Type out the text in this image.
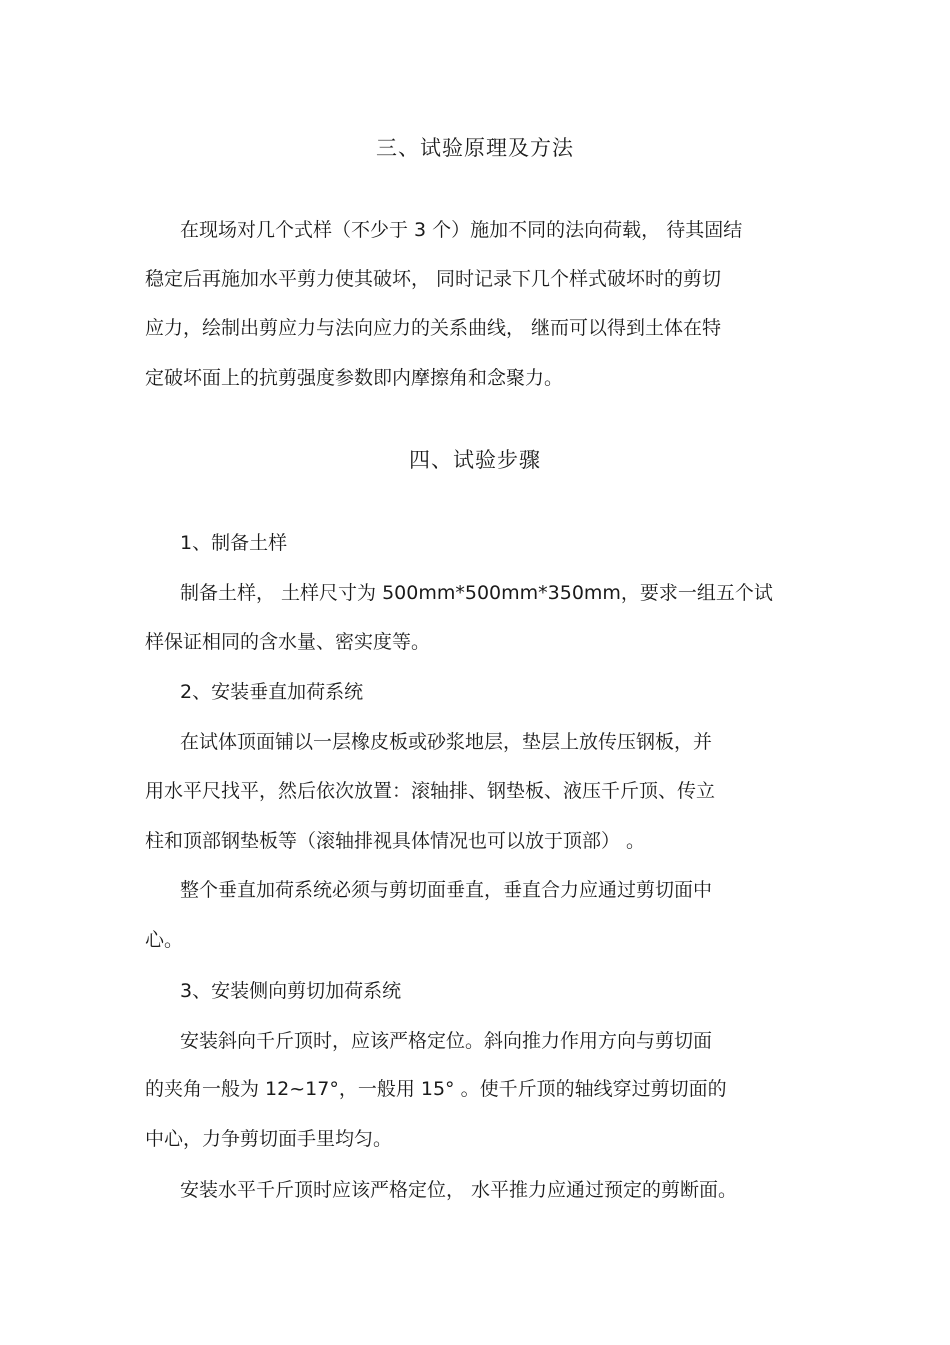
三、试验原理及方法
在现场对几个式样（不少于 3 个）施加不同的法向荷载， 待其固结
稳定后再施加水平剪力使其破坏， 同时记录下几个样式破坏时的剪切
应力，绘制出剪应力与法向应力的关系曲线， 继而可以得到土体在特
定破坏面上的抗剪强度参数即内摩擦角和念聚力。
四、试验步骤
1、制备土样
制备土样， 土样尺寸为 500mm*500mm*350mm，要求一组五个试
样保证相同的含水量、密实度等。
2、安装垂直加荷系统
在试体顶面铺以一层橡皮板或砂浆地层，垫层上放传压钢板，并
用水平尺找平，然后依次放置：滚轴排、钢垫板、液压千斤顶、传立
柱和顶部钢垫板等（滚轴排视具体情况也可以放于顶部） 。
整个垂直加荷系统必须与剪切面垂直，垂直合力应通过剪切面中
心。
3、安装侧向剪切加荷系统
安装斜向千斤顶时，应该严格定位。斜向推力作用方向与剪切面
的夹角一般为 12~17°，一般用 15° 。使千斤顶的轴线穿过剪切面的
中心，力争剪切面手里均匀。
安装水平千斤顶时应该严格定位， 水平推力应通过预定的剪断面。
